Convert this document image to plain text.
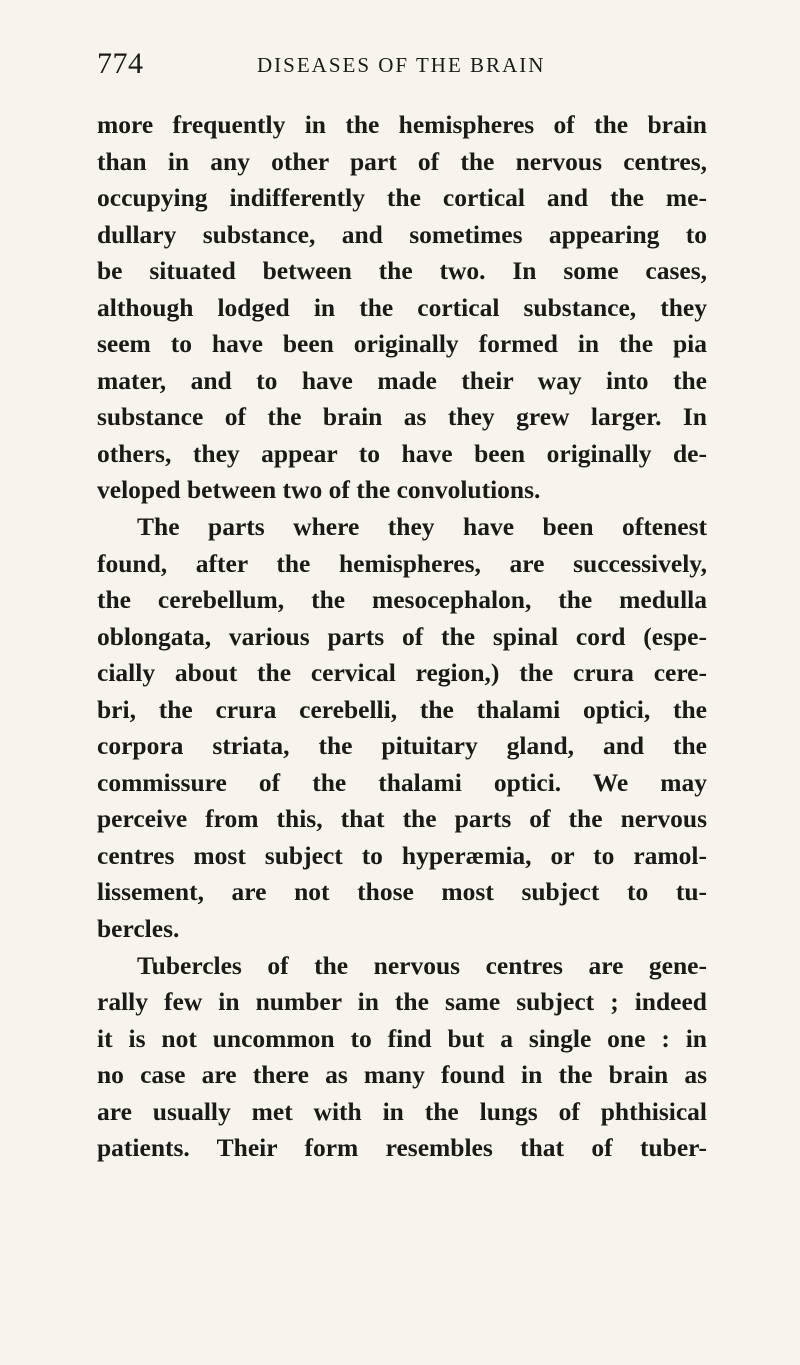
774	DISEASES OF THE BRAIN
more frequently in the hemispheres of the brain
than in any other part of the nervous centres,
occupying indifferently the cortical and the me-
dullary substance, and sometimes appearing to
be situated between the two. In some cases,
although lodged in the cortical substance, they
seem to have been originally formed in the pia
mater, and to have made their way into the
substance of the brain as they grew larger. In
others, they appear to have been originally de-
veloped between two of the convolutions.
The parts where they have been oftenest
found, after the hemispheres, are successively,
the cerebellum, the mesocephalon, the medulla
oblongata, various parts of the spinal cord (espe-
cially about the cervical region,) the crura cere-
bri, the crura cerebelli, the thalami optici, the
corpora striata, the pituitary gland, and the
commissure of the thalami optici. We may
perceive from this, that the parts of the nervous
centres most subject to hyperæmia, or to ramol-
lissement, are not those most subject to tu-
bercles.
Tubercles of the nervous centres are gene-
rally few in number in the same subject ; indeed
it is not uncommon to find but a single one : in
no case are there as many found in the brain as
are usually met with in the lungs of phthisical
patients. Their form resembles that of tuber-
